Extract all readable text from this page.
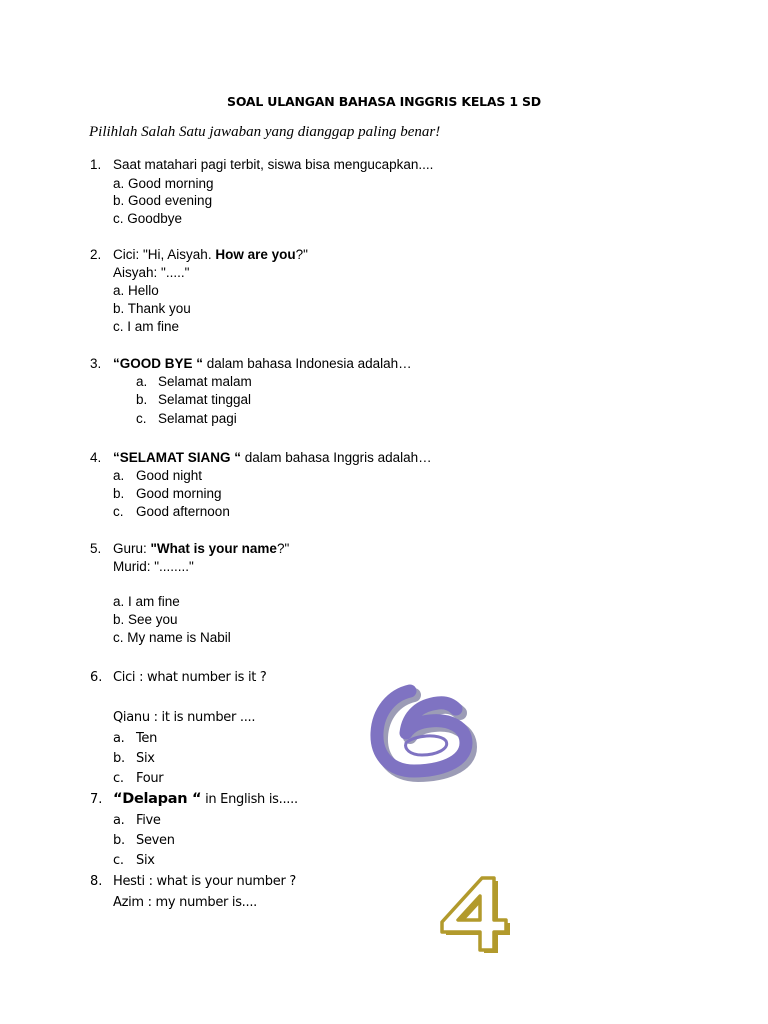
SOAL ULANGAN BAHASA INGGRIS KELAS 1 SD
Pilihlah Salah Satu jawaban yang dianggap paling benar!
1. Saat matahari pagi terbit, siswa bisa mengucapkan....
a. Good morning
b. Good evening
c. Goodbye
2. Cici: "Hi, Aisyah. How are you?"
Aisyah: "....."
a. Hello
b. Thank you
c. I am fine
3. “GOOD BYE “ dalam bahasa Indonesia adalah…
a. Selamat malam
b. Selamat tinggal
c. Selamat pagi
4. “SELAMAT SIANG “ dalam bahasa Inggris adalah…
a. Good night
b. Good morning
c. Good afternoon
5. Guru: "What is your name?"
Murid: "........"
a. I am fine
b. See you
c. My name is Nabil
6. Cici : what number is it ?
Qianu : it is number ....
a. Ten
b. Six
c. Four
7. “Delapan “ in English is.....
a. Five
b. Seven
c. Six
8. Hesti : what is your number ?
Azim : my number is....
